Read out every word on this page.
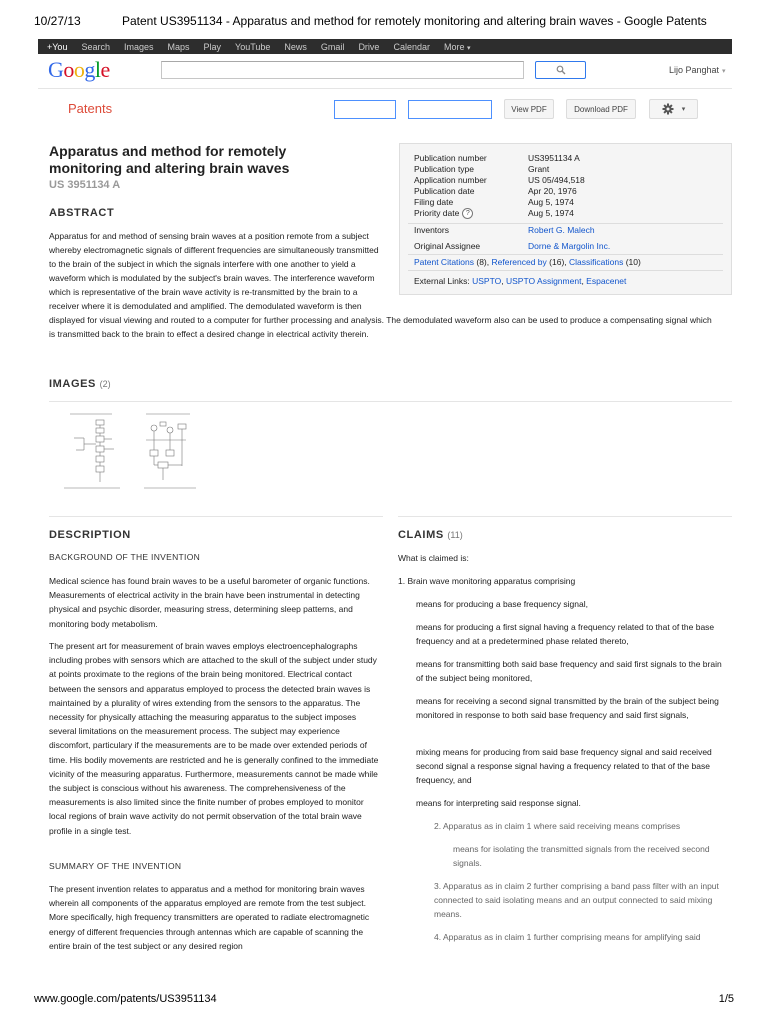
10/27/13	Patent US3951134 - Apparatus and method for remotely monitoring and altering brain waves - Google Patents
+You Search Images Maps Play YouTube News Gmail Drive Calendar More ▾
Google	Lijo Panghat ▾
Patents	View PDF	Download PDF	▾
Apparatus and method for remotely monitoring and altering brain waves
US 3951134 A
ABSTRACT
Apparatus for and method of sensing brain waves at a position remote from a subject whereby electromagnetic signals of different frequencies are simultaneously transmitted to the brain of the subject in which the signals interfere with one another to yield a waveform which is modulated by the subject's brain waves. The interference waveform which is representative of the brain wave activity is re-transmitted by the brain to a receiver where it is demodulated and amplified. The demodulated waveform is then displayed for visual viewing and routed to a computer for further processing and analysis. The demodulated waveform also can be used to produce a compensating signal which is transmitted back to the brain to effect a desired change in electrical activity therein.
Publication number	US3951134 A
Publication type	Grant
Application number	US 05/494,518
Publication date	Apr 20, 1976
Filing date	Aug 5, 1974
Priority date ?	Aug 5, 1974
Inventors	Robert G. Malech
Original Assignee	Dorne & Margolin Inc.
Patent Citations (8), Referenced by (16), Classifications (10)
External Links: USPTO, USPTO Assignment, Espacenet
IMAGES (2)
DESCRIPTION	CLAIMS (11)
BACKGROUND OF THE INVENTION
Medical science has found brain waves to be a useful barometer of organic functions. Measurements of electrical activity in the brain have been instrumental in detecting physical and psychic disorder, measuring stress, determining sleep patterns, and monitoring body metabolism.
The present art for measurement of brain waves employs electroencephalographs including probes with sensors which are attached to the skull of the subject under study at points proximate to the regions of the brain being monitored. Electrical contact between the sensors and apparatus employed to process the detected brain waves is maintained by a plurality of wires extending from the sensors to the apparatus. The necessity for physically attaching the measuring apparatus to the subject imposes several limitations on the measurement process. The subject may experience discomfort, particulary if the measurements are to be made over extended periods of time. His bodily movements are restricted and he is generally confined to the immediate vicinity of the measuring apparatus. Furthermore, measurements cannot be made while the subject is conscious without his awareness. The comprehensiveness of the measurements is also limited since the finite number of probes employed to monitor local regions of brain wave activity do not permit observation of the total brain wave profile in a single test.
SUMMARY OF THE INVENTION
The present invention relates to apparatus and a method for monitoring brain waves wherein all components of the apparatus employed are remote from the test subject. More specifically, high frequency transmitters are operated to radiate electromagnetic energy of different frequencies through antennas which are capable of scanning the entire brain of the test subject or any desired region
What is claimed is:
1. Brain wave monitoring apparatus comprising
means for producing a base frequency signal,
means for producing a first signal having a frequency related to that of the base frequency and at a predetermined phase related thereto,
means for transmitting both said base frequency and said first signals to the brain of the subject being monitored,
means for receiving a second signal transmitted by the brain of the subject being monitored in response to both said base frequency and said first signals,
mixing means for producing from said base frequency signal and said received second signal a response signal having a frequency related to that of the base frequency, and
means for interpreting said response signal.
2. Apparatus as in claim 1 where said receiving means comprises
means for isolating the transmitted signals from the received second signals.
3. Apparatus as in claim 2 further comprising a band pass filter with an input connected to said isolating means and an output connected to said mixing means.
4. Apparatus as in claim 1 further comprising means for amplifying said
www.google.com/patents/US3951134	1/5
